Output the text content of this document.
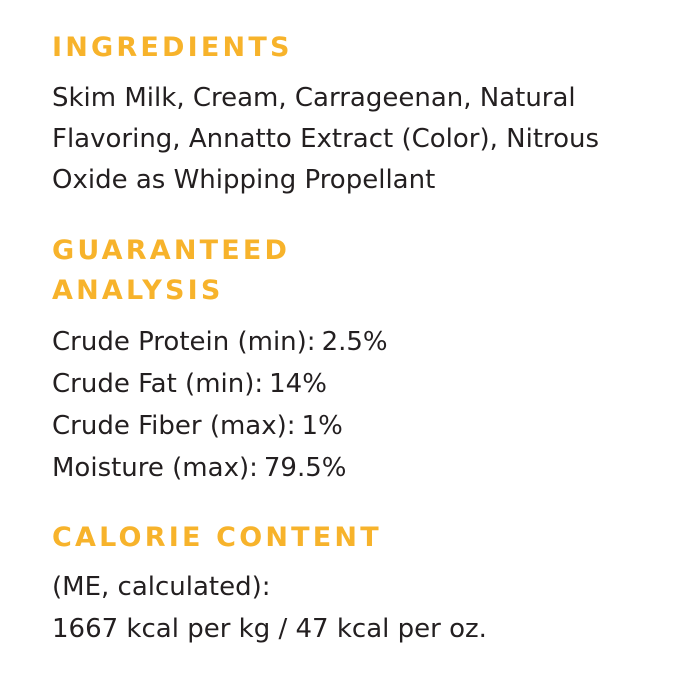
INGREDIENTS

Skim Milk, Cream, Carrageenan, Natural Flavoring, Annatto Extract (Color), Nitrous Oxide as Whipping Propellant

GUARANTEED
ANALYSIS
Crude Protein (min): 2.5%
Crude Fat (min): 14%
Crude Fiber (max): 1%
Moisture (max): 79.5%
CALORIE CONTENT

(ME, calculated):

1667 kcal per kg / 47 kcal per oz.
